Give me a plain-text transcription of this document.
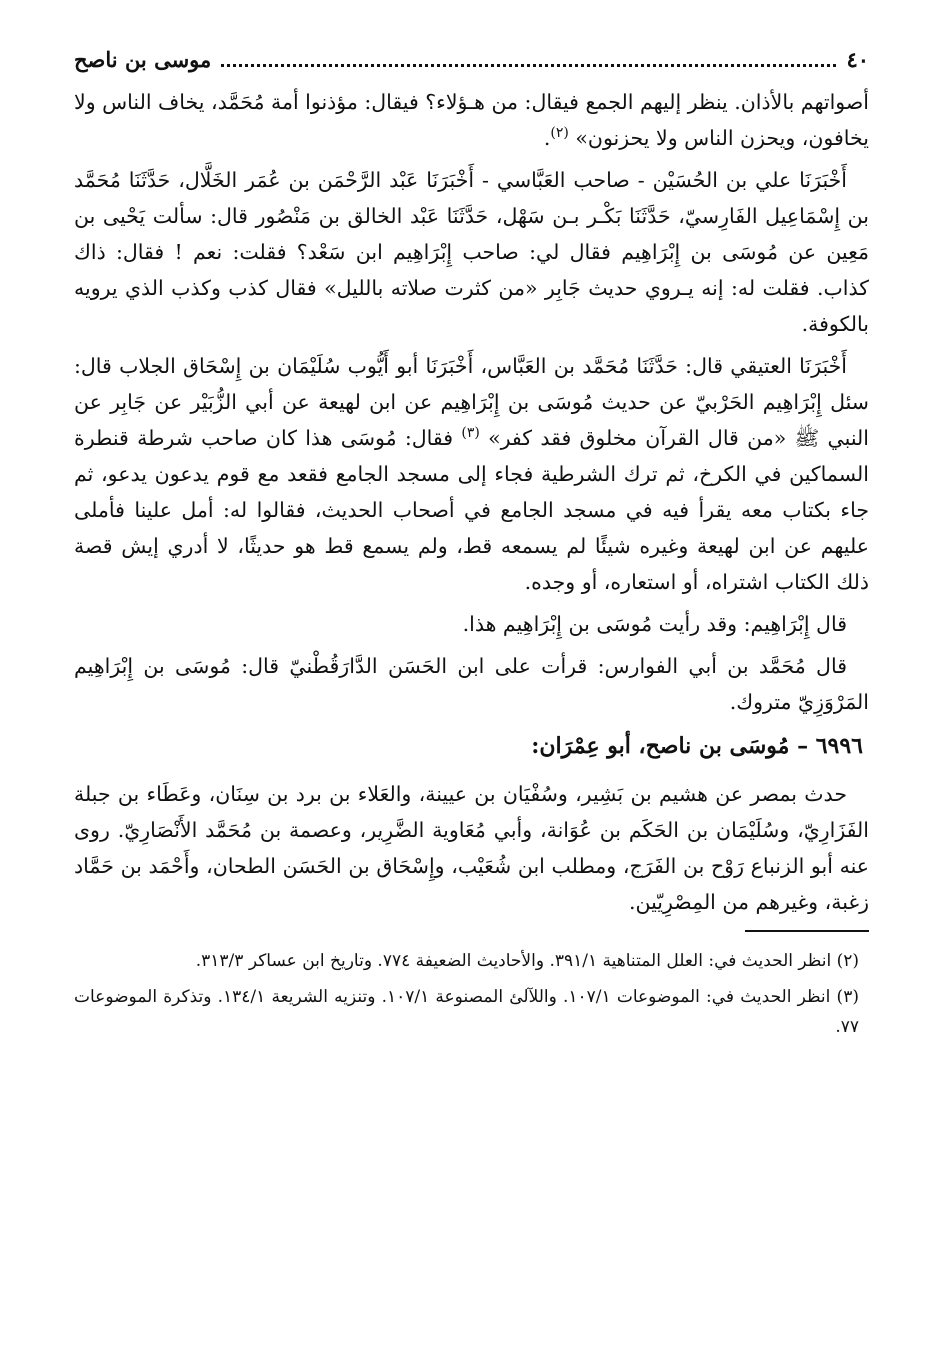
٤٠
موسى بن ناصح

أصواتهم بالأذان. ينظر إليهم الجمع فيقال: من هـؤلاء؟ فيقال: مؤذنوا أمة مُحَمَّد، يخاف الناس ولا يخافون، ويحزن الناس ولا يحزنون» $^{(٢)}$.

أَخْبَرَنَا علي بن الحُسَيْن - صاحب العَبَّاسي - أَخْبَرَنَا عَبْد الرَّحْمَن بن عُمَر الخَلَّال، حَدَّثَنَا مُحَمَّد بن إِسْمَاعِيل الفَارِسيّ، حَدَّثَنَا بَكْـر بـن سَهْل، حَدَّثَنَا عَبْد الخالق بن مَنْصُور قال: سألت يَحْيى بن مَعِين عن مُوسَى بن إِبْرَاهِيم فقال لي: صاحب إِبْرَاهِيم ابن سَعْد؟ فقلت: نعم ! فقال: ذاك كذاب. فقلت له: إنه يـروي حديث جَابِر «من كثرت صلاته بالليل» فقال كذب وكذب الذي يرويه بالكوفة.

أَخْبَرَنَا العتيقي قال: حَدَّثَنَا مُحَمَّد بن العَبَّاس، أَخْبَرَنَا أبو أَيُّوب سُلَيْمَان بن إِسْحَاق الجلاب قال: سئل إِبْرَاهِيم الحَرْبيّ عن حديث مُوسَى بن إِبْرَاهِيم عن ابن لهيعة عن أبي الزُّبَيْر عن جَابِر عن النبي ﷺ «من قال القرآن مخلوق فقد كفر» $^{(٣)}$ فقال: مُوسَى هذا كان صاحب شرطة قنطرة السماكين في الكرخ، ثم ترك الشرطية فجاء إلى مسجد الجامع فقعد مع قوم يدعون يدعو، ثم جاء بكتاب معه يقرأ فيه في مسجد الجامع في أصحاب الحديث، فقالوا له: أمل علينا فأملى عليهم عن ابن لهيعة وغيره شيئًا لم يسمعه قط، ولم يسمع قط هو حديثًا، لا أدري إيش قصة ذلك الكتاب اشتراه، أو استعاره، أو وجده.

قال إِبْرَاهِيم: وقد رأيت مُوسَى بن إِبْرَاهِيم هذا.

قال مُحَمَّد بن أبي الفوارس: قرأت على ابن الحَسَن الدَّارَقُطْنيّ قال: مُوسَى بن إِبْرَاهِيم المَرْوَزِيّ متروك.

٦٩٩٦ – مُوسَى بن ناصح، أبو عِمْرَان:

حدث بمصر عن هشيم بن بَشِير، وسُفْيَان بن عيينة، والعَلاء بن برد بن سِنَان، وعَطَاء بن جبلة الفَزَارِيّ، وسُلَيْمَان بن الحَكَم بن عُوَانة، وأبي مُعَاوية الضَّرِير، وعصمة بن مُحَمَّد الأَنْصَارِيّ. روى عنه أبو الزنباع رَوْح بن الفَرَج، ومطلب ابن شُعَيْب، وإِسْحَاق بن الحَسَن الطحان، وأَحْمَد بن حَمَّاد زغبة، وغيرهم من المِصْرِيّين.

(٢) انظر الحديث في: العلل المتناهية ٣٩١/١. والأحاديث الضعيفة ٧٧٤. وتاريخ ابن عساكر ٣١٣/٣.

(٣) انظر الحديث في: الموضوعات ١٠٧/١. واللآلئ المصنوعة ١٠٧/١. وتنزيه الشريعة ١٣٤/١. وتذكرة الموضوعات ٧٧.
